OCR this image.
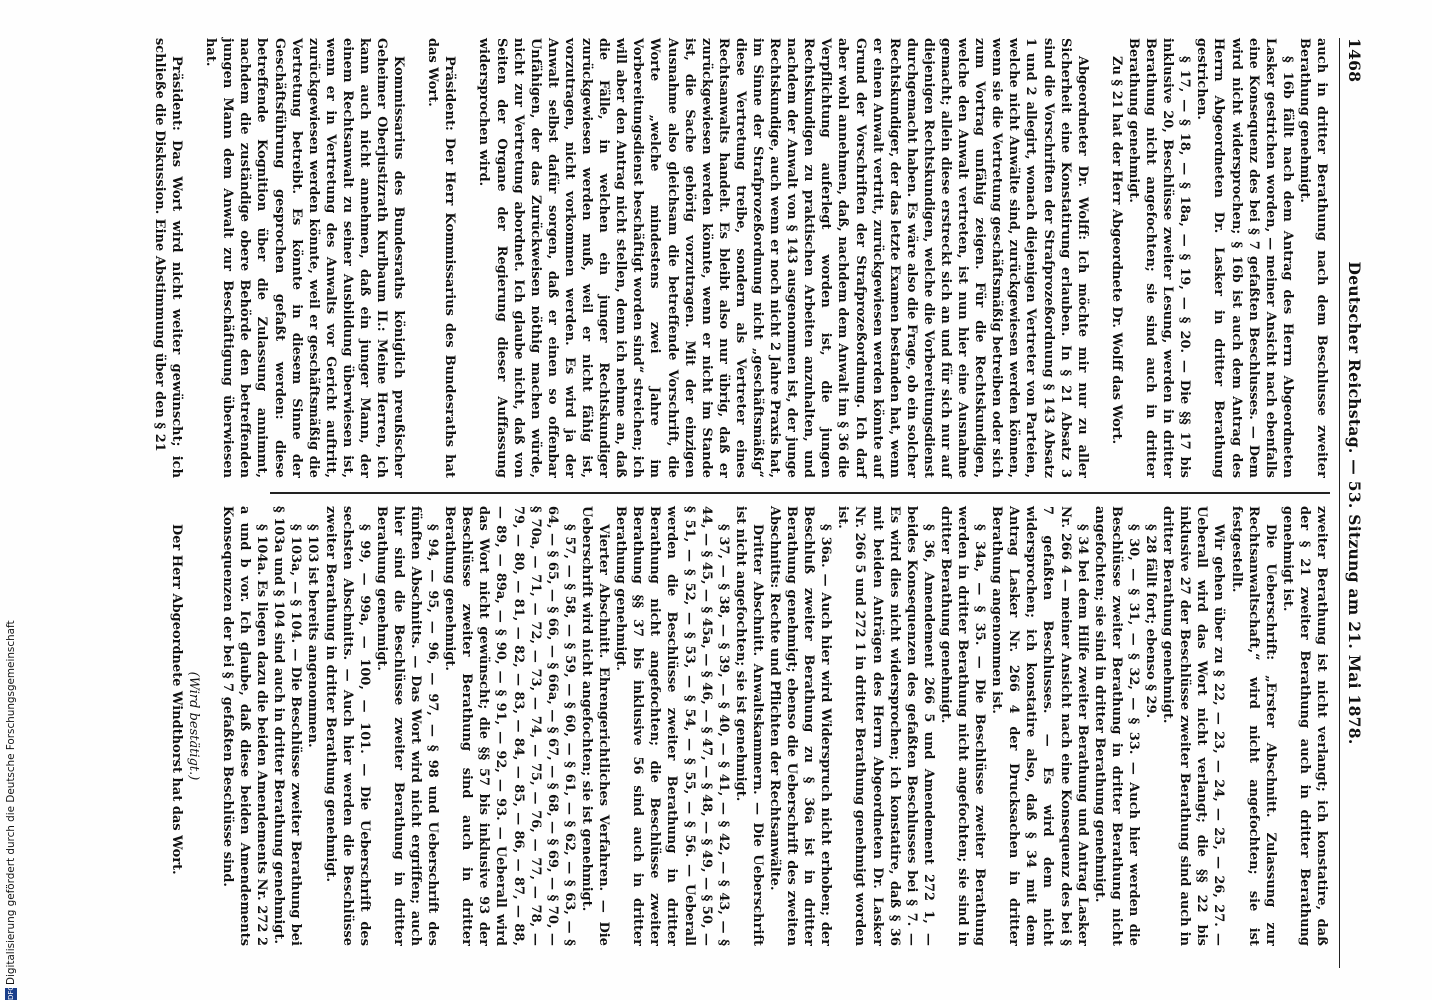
1468
Deutscher Reichstag. — 53. Sitzung am 21. Mai 1878.

auch in dritter Berathung nach dem Beschlusse zweiter Berathung genehmigt.

§ 16b fällt nach dem Antrag des Herrn Abgeordneten Lasker gestrichen worden, — meiner Ansicht nach ebenfalls eine Konsequenz des bei § 7 gefaßten Beschlusses. — Dem wird nicht widersprochen; § 16b ist auch dem Antrag des Herrn Abgeordneten Dr. Lasker in dritter Berathung gestrichen.

§ 17, — § 18, — § 18a, — § 19, — § 20. — Die §§ 17 bis inklusive 20, Beschlüsse zweiter Lesung, werden in dritter Berathung nicht angefochten; sie sind auch in dritter Berathung genehmigt.

Zu § 21 hat der Herr Abgeordnete Dr. Wolff das Wort.

Abgeordneter Dr. Wolff: Ich möchte mir nur zu aller Sicherheit eine Konstatirung erlauben. In § 21 Absatz 3 sind die Vorschriften der Strafprozeßordnung § 143 Absatz 1 und 2 allegirt, wonach diejenigen Vertreter von Parteien, welche nicht Anwälte sind, zurückgewiesen werden können, wenn sie die Vertretung geschäftsmäßig betreiben oder sich zum Vortrag unfähig zeigen. Für die Rechtskundigen, welche den Anwalt vertreten, ist nun hier eine Ausnahme gemacht; allein diese erstreckt sich an und für sich nur auf diejenigen Rechtskundigen, welche die Vorbereitungsdienst durchgemacht haben. Es wäre also die Frage, ob ein solcher Rechtskundiger, der das letzte Examen bestanden hat, wenn er einen Anwalt vertritt, zurückgewiesen werden könnte auf Grund der Vorschriften der Strafprozeßordnung. Ich darf aber wohl annehmen, daß, nachdem dem Anwalt im § 36 die Verpflichtung auferlegt worden ist, die jungen Rechtskundigen zu praktischen Arbeiten anzuhalten, und nachdem der Anwalt von § 143 ausgenommen ist, der junge Rechtskundige, auch wenn er noch nicht 2 Jahre Praxis hat, im Sinne der Strafprozeßordnung nicht „geschäftsmäßig“ diese Vertretung treibe, sondern als Vertreter eines Rechtsanwalts handelt. Es bleibt also nur übrig, daß er zurückgewiesen werden könnte, wenn er nicht im Stande ist, die Sache gehörig vorzutragen. Mit der einzigen Ausnahme also gleichsam die betreffende Vorschrift, die Worte „welche mindestens zwei Jahre im Vorbereitungsdienst beschäftigt worden sind“ streichen; ich will aber den Antrag nicht stellen, denn ich nehme an, daß die Fälle, in welchen ein junger Rechtskundiger zurückgewiesen werden muß, weil er nicht fähig ist, vorzutragen, nicht vorkommen werden. Es wird ja der Anwalt selbst dafür sorgen, daß er einen so offenbar Unfähigen, der das Zurückweisen nöthig machen würde, nicht zur Vertretung abordnet. Ich glaube nicht, daß von Seiten der Organe der Regierung dieser Auffassung widersprochen wird.

Präsident: Der Herr Kommissarius des Bundesraths hat das Wort.

Kommissarius des Bundesraths königlich preußischer Geheimer Oberjustizrath Kurlbaum II.: Meine Herren, ich kann auch nicht annehmen, daß ein junger Mann, der einem Rechtsanwalt zu seiner Ausbildung überwiesen ist, wenn er in Vertretung des Anwalts vor Gericht auftritt, zurückgewiesen werden könnte, weil er geschäftsmäßig die Vertretung betreibt. Es könnte in diesem Sinne der Geschäftsführung gesprochen gefaßt werden: diese betreffende Kognition über die Zulassung annimmt, nachdem die zuständige obere Behörde den betreffenden jungen Mann dem Anwalt zur Beschäftigung überwiesen hat.

Präsident: Das Wort wird nicht weiter gewünscht; ich schließe die Diskussion. Eine Abstimmung über den § 21

zweiter Berathung ist nicht verlangt; ich konstatire, daß der § 21 zweiter Berathung auch in dritter Berathung genehmigt ist.

Die Ueberschrift: „Erster Abschnitt. Zulassung zur Rechtsanwaltschaft,“ wird nicht angefochten; sie ist festgestellt.

Wir gehen über zu § 22, — 23, — 24, — 25, — 26, 27. — Ueberall wird das Wort nicht verlangt; die §§ 22 bis inklusive 27 der Beschlüsse zweiter Berathung sind auch in dritter Berathung genehmigt.

§ 28 fällt fort; ebenso § 29.

§ 30, — § 31, — § 32, — § 33. — Auch hier werden die Beschlüsse zweiter Berathung in dritter Berathung nicht angefochten; sie sind in dritter Berathung genehmigt.

§ 34 bei dem Hilfe zweiter Berathung und Antrag Lasker Nr. 266 4 — meiner Ansicht nach eine Konsequenz des bei § 7 gefaßten Beschlusses. — Es wird dem nicht widersprochen; ich konstatire also, daß § 34 mit dem Antrag Lasker Nr. 266 4 der Drucksachen in dritter Berathung angenommen ist.

§ 34a, — § 35. — Die Beschlüsse zweiter Berathung werden in dritter Berathung nicht angefochten; sie sind in dritter Berathung genehmigt.

§ 36, Amendement 266 5 und Amendement 272 1, — beides Konsequenzen des gefaßten Beschlusses bei § 7. — Es wird dies nicht widersprochen; ich konstatire, daß § 36 mit beiden Anträgen des Herrn Abgeordneten Dr. Lasker Nr. 266 5 und 272 1 in dritter Berathung genehmigt worden ist.

§ 36a. — Auch hier wird Widerspruch nicht erhoben; der Beschluß zweiter Berathung zu § 36a ist in dritter Berathung genehmigt; ebenso die Ueberschrift des zweiten Abschnitts: Rechte und Pflichten der Rechtsanwälte.

Dritter Abschnitt. Anwaltskammern. — Die Ueberschrift ist nicht angefochten; sie ist genehmigt.

§ 37, — § 38, — § 39, — § 40, — § 41, — § 42, — § 43, — § 44, — § 45, — § 45a, — § 46, — § 47, — § 48, — § 49, — § 50, — § 51, — § 52, — § 53, — § 54, — § 55, — § 56. — Ueberall werden die Beschlüsse zweiter Berathung in dritter Berathung nicht angefochten; die Beschlüsse zweiter Berathung §§ 37 bis inklusive 56 sind auch in dritter Berathung genehmigt.

Vierter Abschnitt. Ehrengerichtliches Verfahren. — Die Ueberschrift wird nicht angefochten; sie ist genehmigt.

§ 57, — § 58, — § 59, — § 60, — § 61, — § 62, — § 63, — § 64, — § 65, — § 66, — § 66a, — § 67, — § 68, — § 69, — § 70, — § 70a, — 71, — 72, — 73, — 74, — 75, — 76, — 77, — 78, — 79, — 80, — 81, — 82, — 83, — 84, — 85, — 86, — 87, — 88, — 89, — 89a, — § 90, — § 91, — 92, — 93. — Ueberall wird das Wort nicht gewünscht; die §§ 57 bis inklusive 93 der Beschlüsse zweiter Berathung sind auch in dritter Berathung genehmigt.

§ 94, — 95, — 96, — 97, — § 98 und Ueberschrift des fünften Abschnitts. — Das Wort wird nicht ergriffen; auch hier sind die Beschlüsse zweiter Berathung in dritter Berathung genehmigt.

§ 99, — 99a, — 100, — 101. — Die Ueberschrift des sechsten Abschnitts. — Auch hier werden die Beschlüsse zweiter Berathung in dritter Berathung genehmigt.

§ 103 ist bereits angenommen.

§ 103a, — § 104. — Die Beschlüsse zweiter Berathung bei § 103a und § 104 sind auch in dritter Berathung genehmigt.

§ 104a. Es liegen dazu die beiden Amendements Nr. 272 2 a und b vor. Ich glaube, daß diese beiden Amendements Konsequenzen der bei § 7 gefaßten Beschlüsse sind.

(Wird bestätigt.)

Der Herr Abgeordnete Windthorst hat das Wort.

DFGDigitalisierung gefördert durch die Deutsche Forschungsgemeinschaft
